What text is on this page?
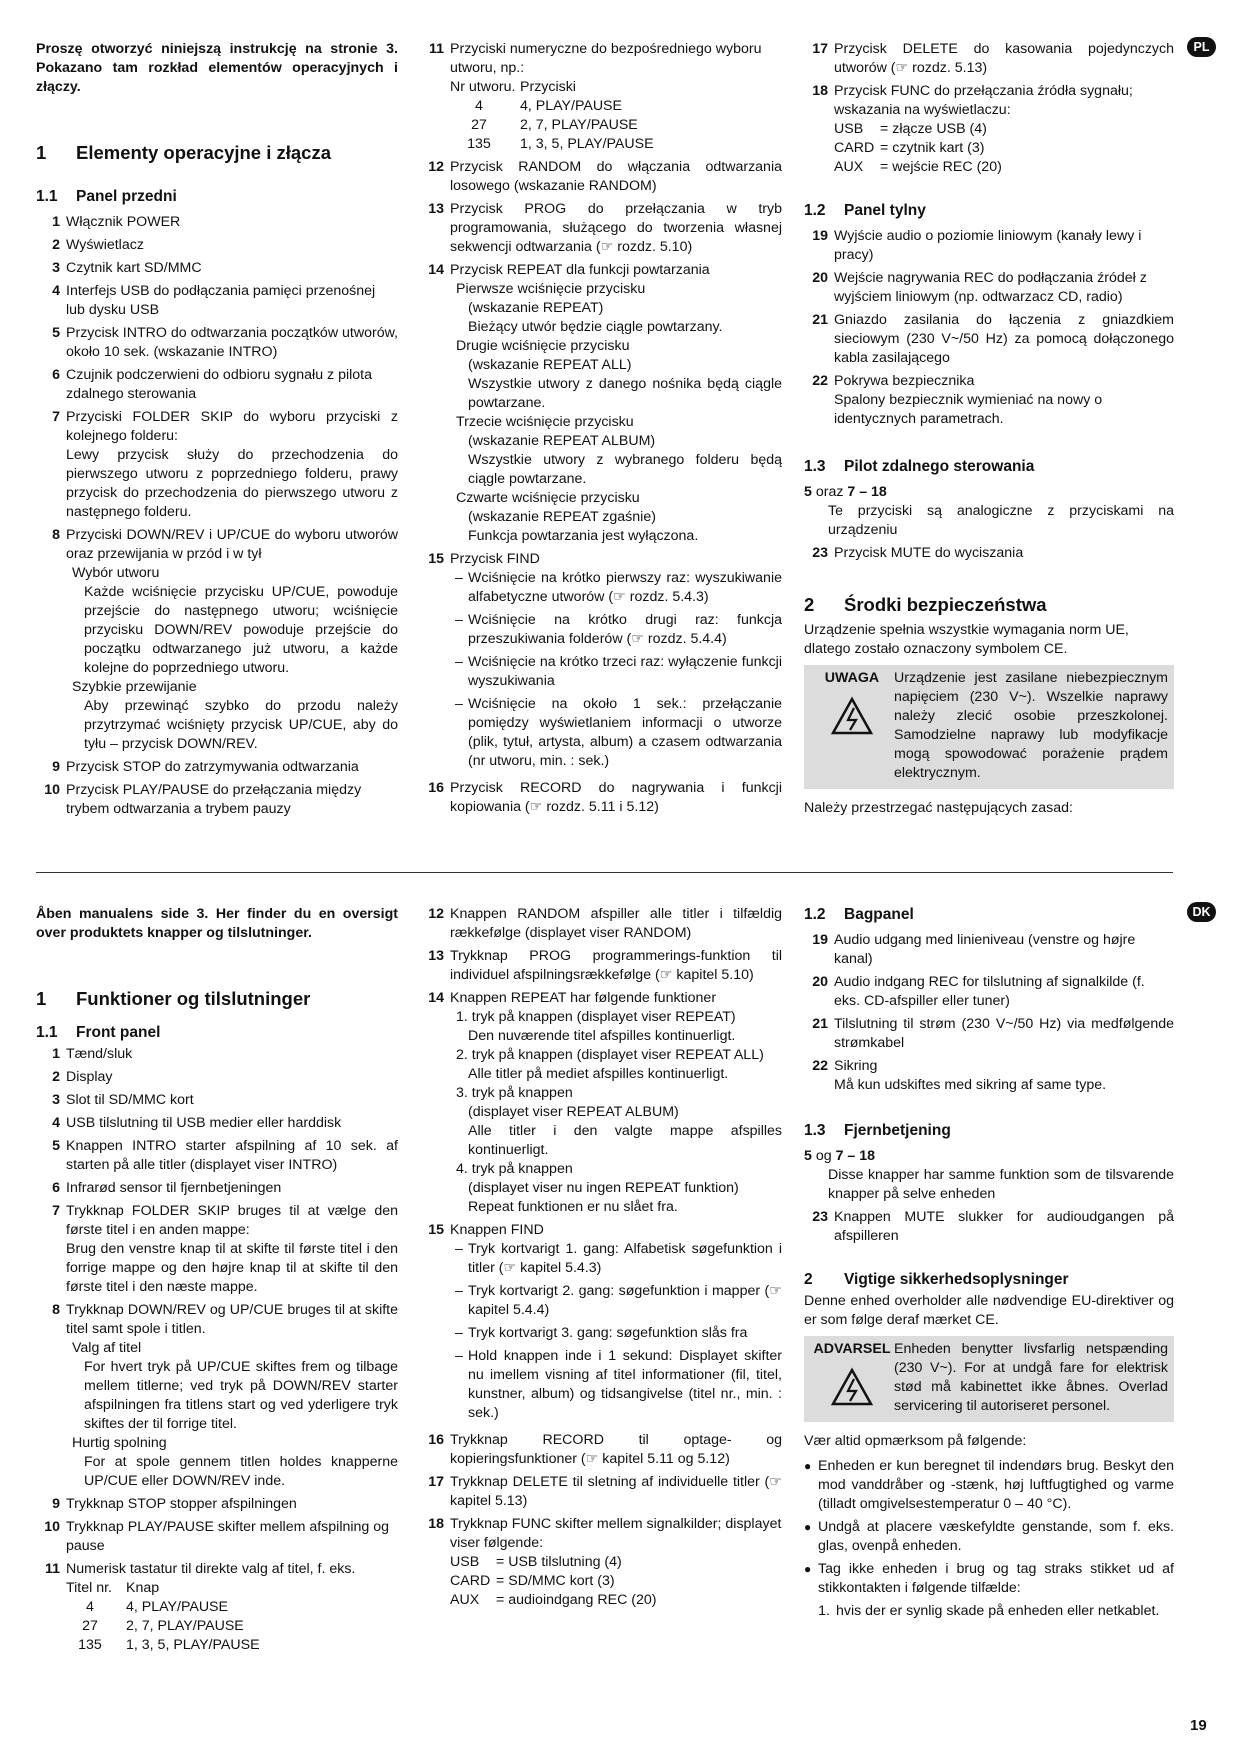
PL

Proszę otworzyć niniejszą instrukcję na stronie 3. Pokazano tam rozkład elementów operacyjnych i złączy.

1	Elementy operacyjne i złącza
1.1	Panel przedni
1 Włącznik POWER
2 Wyświetlacz
3 Czytnik kart SD/MMC
4 Interfejs USB do podłączania pamięci przenośnej lub dysku USB
5 Przycisk INTRO do odtwarzania początków utworów, około 10 sek. (wskazanie INTRO)
6 Czujnik podczerwieni do odbioru sygnału z pilota zdalnego sterowania
7 Przyciski FOLDER SKIP do wyboru przyciski z kolejnego folderu:
Lewy przycisk służy do przechodzenia do pierwszego utworu z poprzedniego folderu, prawy przycisk do przechodzenia do pierwszego utworu z następnego folderu.
8 Przyciski DOWN/REV i UP/CUE do wyboru utworów oraz przewijania w przód i w tył
Wybór utworu
Każde wciśnięcie przycisku UP/CUE, powoduje przejście do następnego utworu; wciśnięcie przycisku DOWN/REV powoduje przejście do początku odtwarzanego już utworu, a każde kolejne do poprzedniego utworu.
Szybkie przewijanie
Aby przewinąć szybko do przodu należy przytrzymać wciśnięty przycisk UP/CUE, aby do tyłu – przycisk DOWN/REV.
9 Przycisk STOP do zatrzymywania odtwarzania
10 Przycisk PLAY/PAUSE do przełączania między trybem odtwarzania a trybem pauzy
11 Przyciski numeryczne do bezpośredniego wyboru utworu, np.:
Nr utworu. Przyciski
4	4, PLAY/PAUSE
27	2, 7, PLAY/PAUSE
135	1, 3, 5, PLAY/PAUSE
12 Przycisk RANDOM do włączania odtwarzania losowego (wskazanie RANDOM)
13 Przycisk PROG do przełączania w tryb programowania, służącego do tworzenia własnej sekwencji odtwarzania (☞ rozdz. 5.10)
14 Przycisk REPEAT dla funkcji powtarzania
Pierwsze wciśnięcie przycisku
(wskazanie REPEAT)
Bieżący utwór będzie ciągle powtarzany.
Drugie wciśnięcie przycisku
(wskazanie REPEAT ALL)
Wszystkie utwory z danego nośnika będą ciągle powtarzane.
Trzecie wciśnięcie przycisku
(wskazanie REPEAT ALBUM)
Wszystkie utwory z wybranego folderu będą ciągle powtarzane.
Czwarte wciśnięcie przycisku
(wskazanie REPEAT zgaśnie)
Funkcja powtarzania jest wyłączona.
15 Przycisk FIND
– Wciśnięcie na krótko pierwszy raz: wyszukiwanie alfabetyczne utworów (☞ rozdz. 5.4.3)
– Wciśnięcie na krótko drugi raz: funkcja przeszukiwania folderów (☞ rozdz. 5.4.4)
– Wciśnięcie na krótko trzeci raz: wyłączenie funkcji wyszukiwania
– Wciśnięcie na około 1 sek.: przełączanie pomiędzy wyświetlaniem informacji o utworze (plik, tytuł, artysta, album) a czasem odtwarzania (nr utworu, min. : sek.)
16 Przycisk RECORD do nagrywania i funkcji kopiowania (☞ rozdz. 5.11 i 5.12)
17 Przycisk DELETE do kasowania pojedynczych utworów (☞ rozdz. 5.13)
18 Przycisk FUNC do przełączania źródła sygnału; wskazania na wyświetlaczu:
USB	= złącze USB (4)
CARD = czytnik kart (3)
AUX	= wejście REC (20)
1.2	Panel tylny
19 Wyjście audio o poziomie liniowym (kanały lewy i pracy)
20 Wejście nagrywania REC do podłączania źródeł z wyjściem liniowym (np. odtwarzacz CD, radio)
21 Gniazdo zasilania do łączenia z gniazdkiem sieciowym (230 V~/50 Hz) za pomocą dołączonego kabla zasilającego
22 Pokrywa bezpiecznika
Spalony bezpiecznik wymieniać na nowy o identycznych parametrach.
1.3	Pilot zdalnego sterowania
5 oraz 7 – 18
Te przyciski są analogiczne z przyciskami na urządzeniu
23 Przycisk MUTE do wyciszania
2	Środki bezpieczeństwa
Urządzenie spełnia wszystkie wymagania norm UE, dlatego zostało oznaczony symbolem CE.
UWAGA	Urządzenie jest zasilane niebezpiecznym napięciem (230 V~). Wszelkie naprawy należy zlecić osobie przeszkolonej. Samodzielne naprawy lub modyfikacje mogą spowodować porażenie prądem elektrycznym.
Należy przestrzegać następujących zasad:
DK

Åben manualens side 3. Her finder du en oversigt over produktets knapper og tilslutninger.

1	Funktioner og tilslutninger
1.1	Front panel
1 Tænd/sluk
2 Display
3 Slot til SD/MMC kort
4 USB tilslutning til USB medier eller harddisk
5 Knappen INTRO starter afspilning af 10 sek. af starten på alle titler (displayet viser INTRO)
6 Infrarød sensor til fjernbetjeningen
7 Trykknap FOLDER SKIP bruges til at vælge den første titel i en anden mappe:
Brug den venstre knap til at skifte til første titel i den forrige mappe og den højre knap til at skifte til den første titel i den næste mappe.
8 Trykknap DOWN/REV og UP/CUE bruges til at skifte titel samt spole i titlen.
Valg af titel
For hvert tryk på UP/CUE skiftes frem og tilbage mellem titlerne; ved tryk på DOWN/REV starter afspilningen fra titlens start og ved yderligere tryk skiftes der til forrige titel.
Hurtig spolning
For at spole gennem titlen holdes knapperne UP/CUE eller DOWN/REV inde.
9 Trykknap STOP stopper afspilningen
10 Trykknap PLAY/PAUSE skifter mellem afspilning og pause
11 Numerisk tastatur til direkte valg af titel, f. eks.
Titel nr. Knap
4	4, PLAY/PAUSE
27	2, 7, PLAY/PAUSE
135	1, 3, 5, PLAY/PAUSE
12 Knappen RANDOM afspiller alle titler i tilfældig rækkefølge (displayet viser RANDOM)
13 Trykknap PROG programmerings-funktion til individuel afspilningsrækkefølge (☞ kapitel 5.10)
14 Knappen REPEAT har følgende funktioner
1. tryk på knappen (displayet viser REPEAT)
Den nuværende titel afspilles kontinuerligt.
2. tryk på knappen (displayet viser REPEAT ALL)
Alle titler på mediet afspilles kontinuerligt.
3. tryk på knappen
(displayet viser REPEAT ALBUM)
Alle titler i den valgte mappe afspilles kontinuerligt.
4. tryk på knappen
(displayet viser nu ingen REPEAT funktion)
Repeat funktionen er nu slået fra.
15 Knappen FIND
– Tryk kortvarigt 1. gang: Alfabetisk søgefunktion i titler (☞ kapitel 5.4.3)
– Tryk kortvarigt 2. gang: søgefunktion i mapper (☞ kapitel 5.4.4)
– Tryk kortvarigt 3. gang: søgefunktion slås fra
– Hold knappen inde i 1 sekund: Displayet skifter nu imellem visning af titel informationer (fil, titel, kunstner, album) og tidsangivelse (titel nr., min. : sek.)
16 Trykknap RECORD til optage- og kopieringsfunktioner (☞ kapitel 5.11 og 5.12)
17 Trykknap DELETE til sletning af individuelle titler (☞ kapitel 5.13)
18 Trykknap FUNC skifter mellem signalkilder; displayet viser følgende:
USB	= USB tilslutning (4)
CARD = SD/MMC kort (3)
AUX	= audioindgang REC (20)
1.2	Bagpanel
19 Audio udgang med linieniveau (venstre og højre kanal)
20 Audio indgang REC for tilslutning af signalkilde (f. eks. CD-afspiller eller tuner)
21 Tilslutning til strøm (230 V~/50 Hz) via medfølgende strømkabel
22 Sikring
Må kun udskiftes med sikring af same type.
1.3	Fjernbetjening
5 og 7 – 18
Disse knapper har samme funktion som de tilsvarende knapper på selve enheden
23 Knappen MUTE slukker for audioudgangen på afspilleren
2	Vigtige sikkerhedsoplysninger
Denne enhed overholder alle nødvendige EU-direktiver og er som følge deraf mærket CE.
ADVARSEL Enheden benytter livsfarlig netspænding (230 V~). For at undgå fare for elektrisk stød må kabinettet ikke åbnes. Overlad servicering til autoriseret personel.
Vær altid opmærksom på følgende:
● Enheden er kun beregnet til indendørs brug. Beskyt den mod vanddråber og -stænk, høj luftfugtighed og varme (tilladt omgivelsestemperatur 0 – 40 °C).
● Undgå at placere væskefyldte genstande, som f. eks. glas, ovenpå enheden.
● Tag ikke enheden i brug og tag straks stikket ud af stikkontakten i følgende tilfælde:
1. hvis der er synlig skade på enheden eller netkablet.
19
